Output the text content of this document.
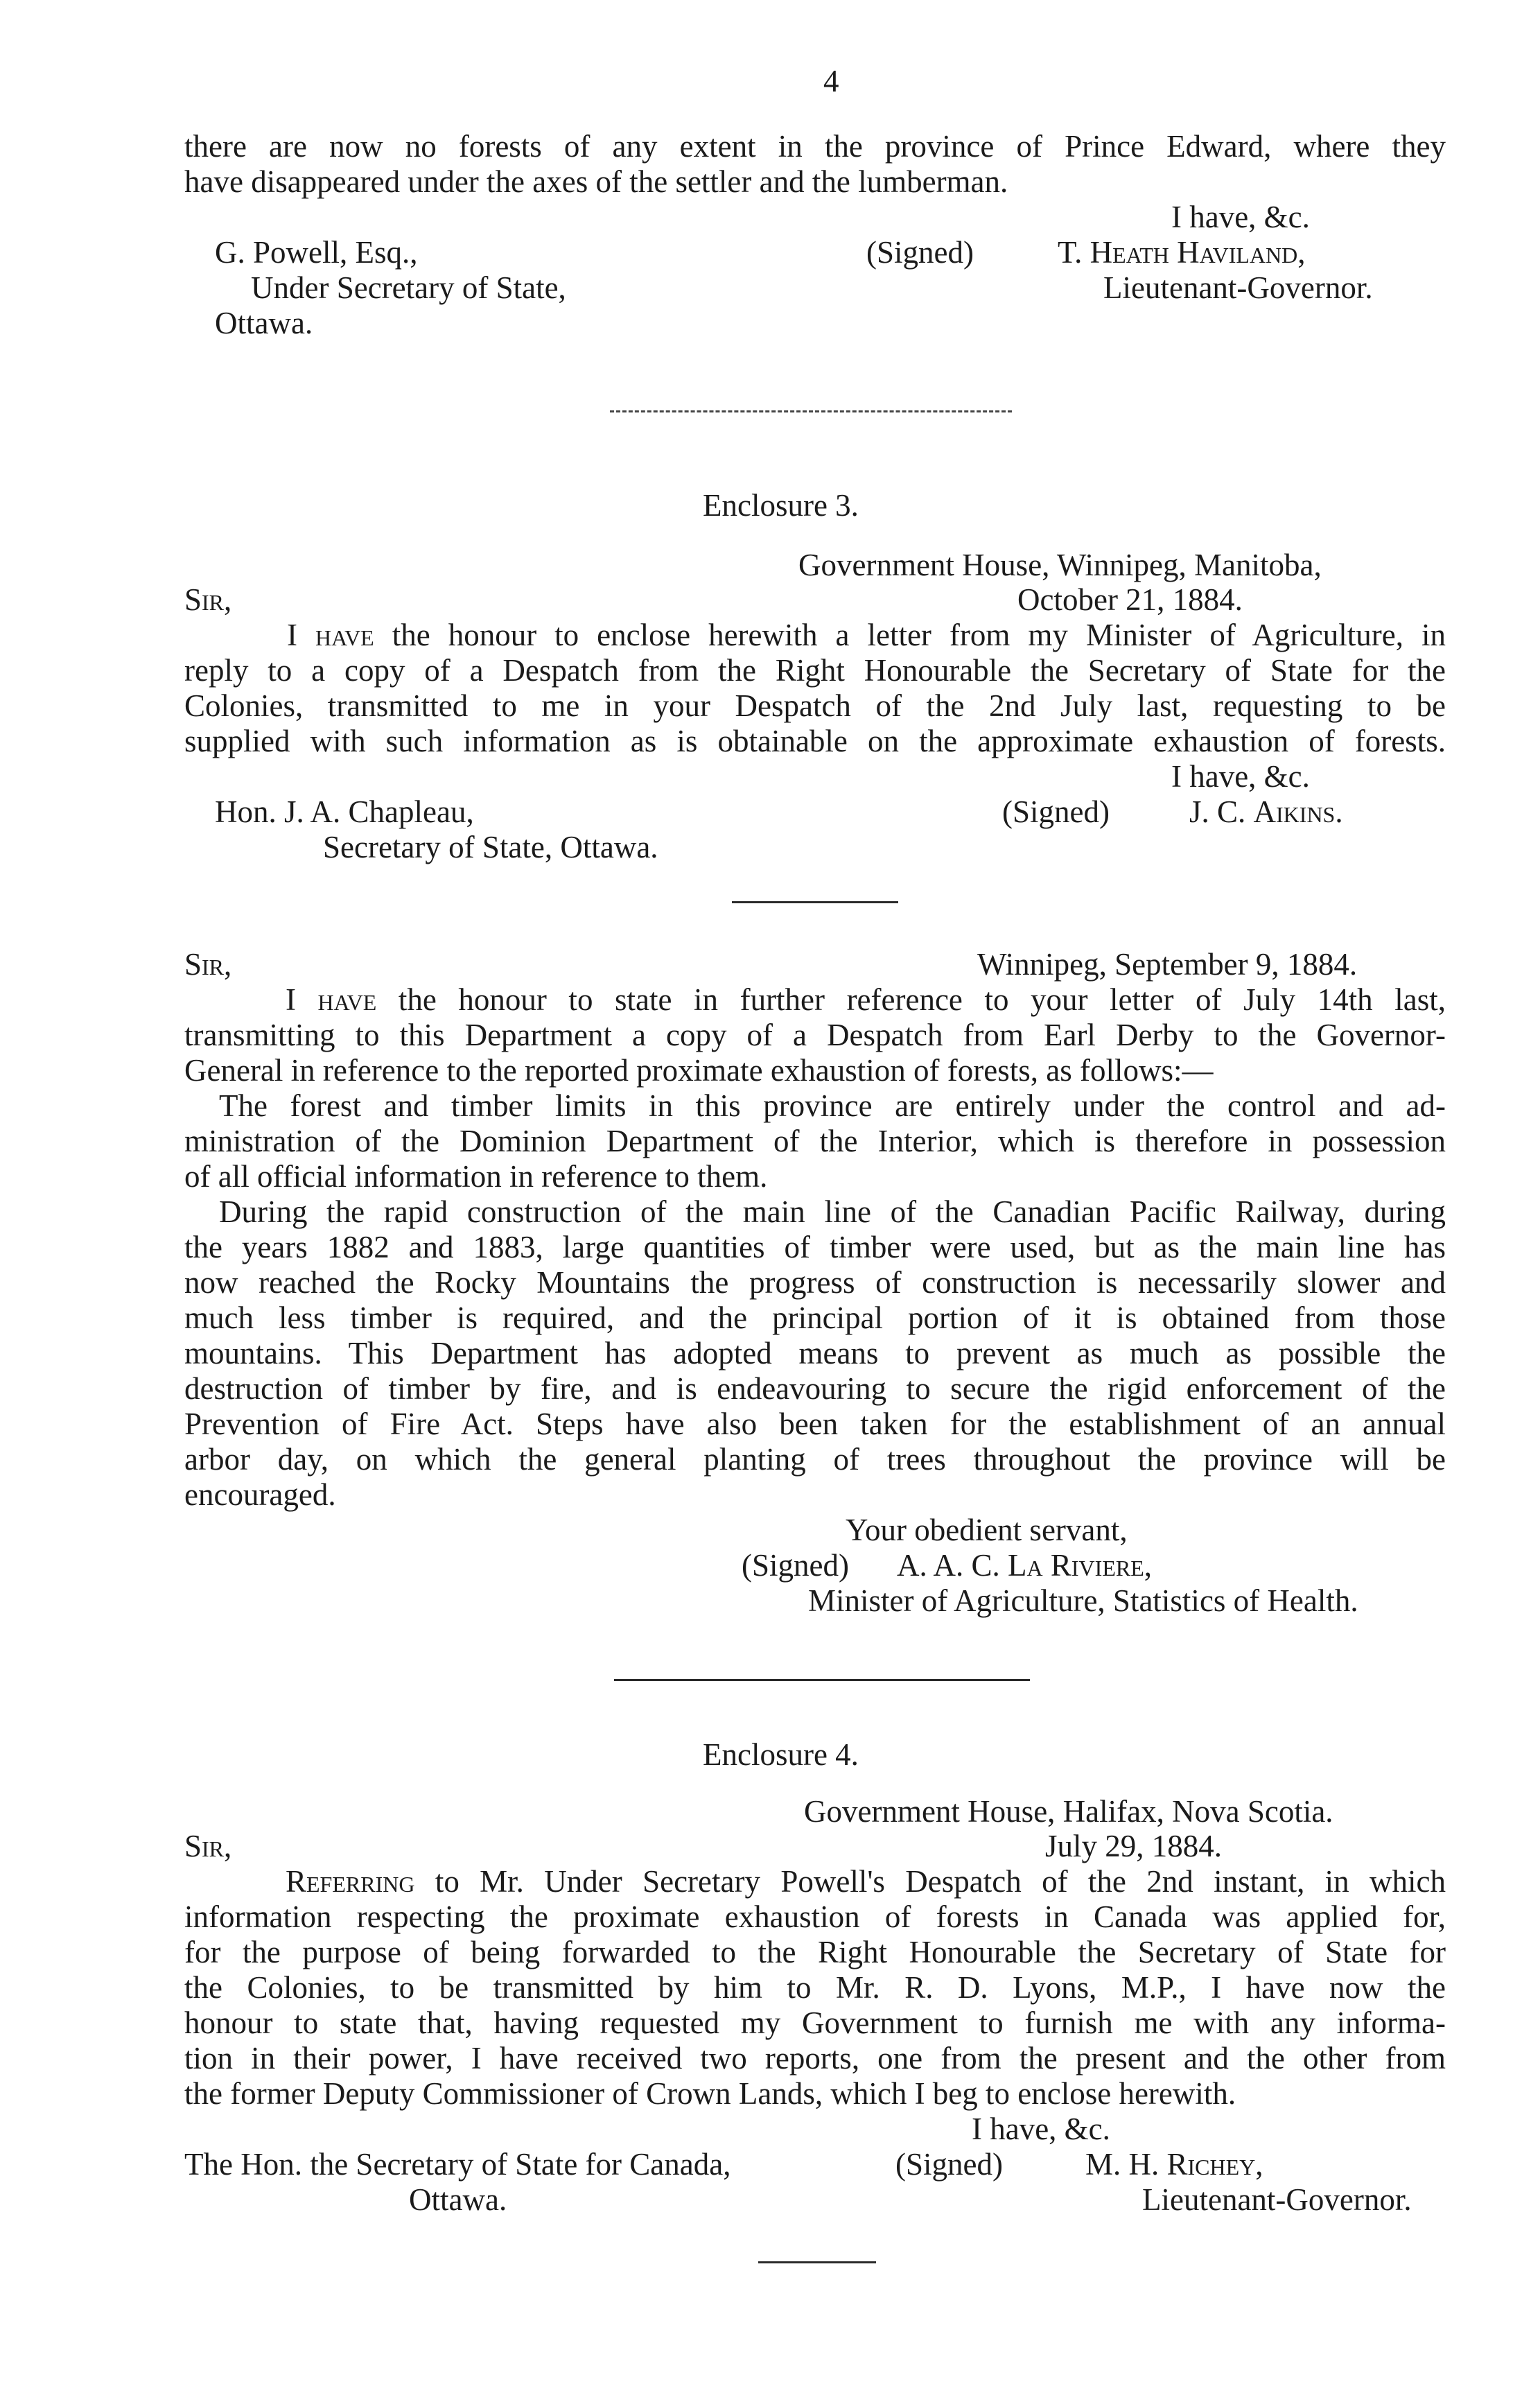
4
there are now no forests of any extent in the province of Prince Edward, where they
have disappeared under the axes of the settler and the lumberman.
I have, &c.
G. Powell, Esq.,
Under Secretary of State,
Ottawa.
(Signed)	T. Heath Haviland,
Lieutenant-Governor.
Enclosure 3.
Government House, Winnipeg, Manitoba,
Sir,	October 21, 1884.
I have the honour to enclose herewith a letter from my Minister of Agriculture, in
reply to a copy of a Despatch from the Right Honourable the Secretary of State for the
Colonies, transmitted to me in your Despatch of the 2nd July last, requesting to be
supplied with such information as is obtainable on the approximate exhaustion of forests.
I have, &c.
Hon. J. A. Chapleau,
Secretary of State, Ottawa.
(Signed)	J. C. Aikins.
Sir,	Winnipeg, September 9, 1884.
I have the honour to state in further reference to your letter of July 14th last,
transmitting to this Department a copy of a Despatch from Earl Derby to the Governor-
General in reference to the reported proximate exhaustion of forests, as follows:—
The forest and timber limits in this province are entirely under the control and ad-
ministration of the Dominion Department of the Interior, which is therefore in possession
of all official information in reference to them.
During the rapid construction of the main line of the Canadian Pacific Railway, during
the years 1882 and 1883, large quantities of timber were used, but as the main line has
now reached the Rocky Mountains the progress of construction is necessarily slower and
much less timber is required, and the principal portion of it is obtained from those
mountains. This Department has adopted means to prevent as much as possible the
destruction of timber by fire, and is endeavouring to secure the rigid enforcement of the
Prevention of Fire Act. Steps have also been taken for the establishment of an annual
arbor day, on which the general planting of trees throughout the province will be
encouraged.
Your obedient servant,
(Signed) A. A. C. La Riviere,
Minister of Agriculture, Statistics of Health.
Enclosure 4.
Government House, Halifax, Nova Scotia.
Sir,	July 29, 1884.
Referring to Mr. Under Secretary Powell's Despatch of the 2nd instant, in which
information respecting the proximate exhaustion of forests in Canada was applied for,
for the purpose of being forwarded to the Right Honourable the Secretary of State for
the Colonies, to be transmitted by him to Mr. R. D. Lyons, M.P., I have now the
honour to state that, having requested my Government to furnish me with any informa-
tion in their power, I have received two reports, one from the present and the other from
the former Deputy Commissioner of Crown Lands, which I beg to enclose herewith.
I have, &c.
The Hon. the Secretary of State for Canada,
Ottawa.
(Signed)	M. H. Richey,
Lieutenant-Governor.
